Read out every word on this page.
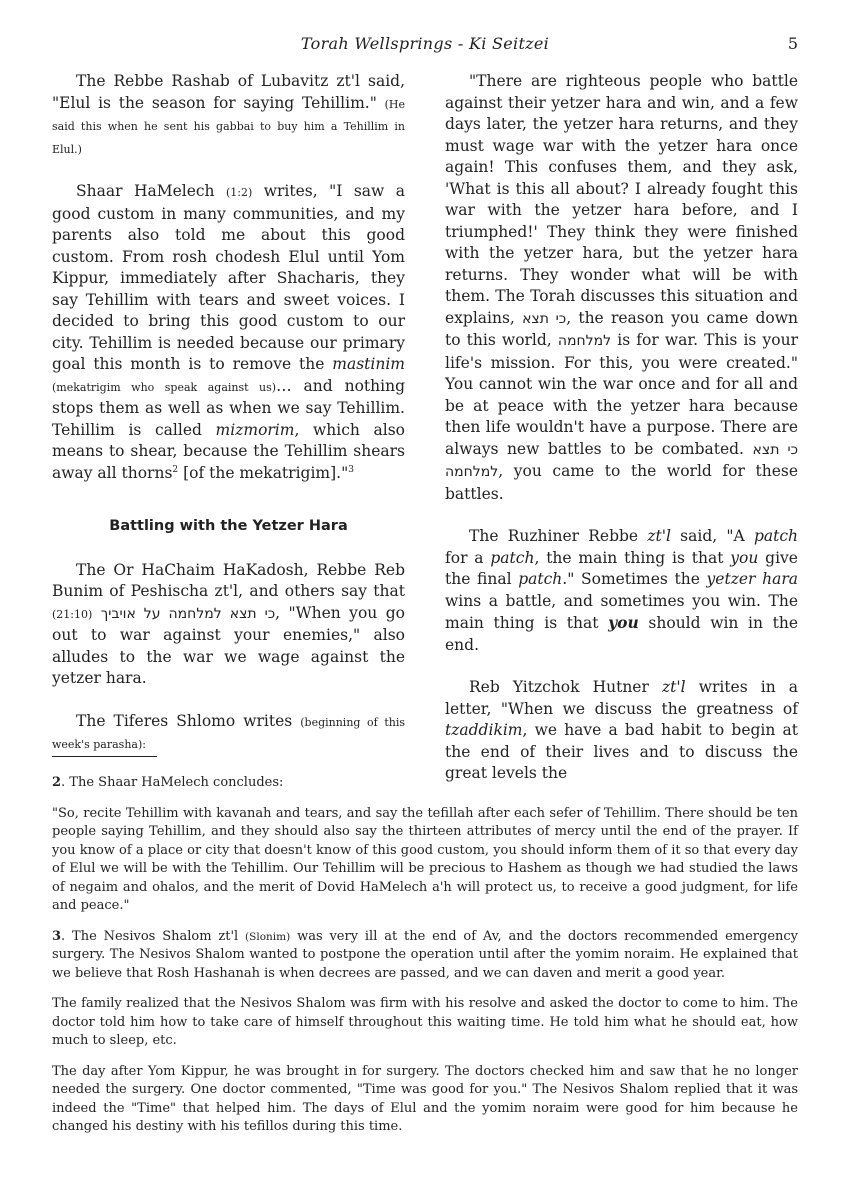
Torah Wellsprings - Ki Seitzei	5

The Rebbe Rashab of Lubavitz zt'l said, "Elul is the season for saying Tehillim." (He said this when he sent his gabbai to buy him a Tehillim in Elul.)

Shaar HaMelech (1:2) writes, "I saw a good custom in many communities, and my parents also told me about this good custom. From rosh chodesh Elul until Yom Kippur, immediately after Shacharis, they say Tehillim with tears and sweet voices. I decided to bring this good custom to our city. Tehillim is needed because our primary goal this month is to remove the mastinim (mekatrigim who speak against us)… and nothing stops them as well as when we say Tehillim. Tehillim is called mizmorim, which also means to shear, because the Tehillim shears away all thorns$^2$ [of the mekatrigim]."$^3$

Battling with the Yetzer Hara

The Or HaChaim HaKadosh, Rebbe Reb Bunim of Peshischa zt'l, and others say that (21:10) כי תצא למלחמה על אויביך, "When you go out to war against your enemies," also alludes to the war we wage against the yetzer hara.

The Tiferes Shlomo writes (beginning of this week's parasha):

"There are righteous people who battle against their yetzer hara and win, and a few days later, the yetzer hara returns, and they must wage war with the yetzer hara once again! This confuses them, and they ask, 'What is this all about? I already fought this war with the yetzer hara before, and I triumphed!' They think they were finished with the yetzer hara, but the yetzer hara returns. They wonder what will be with them. The Torah discusses this situation and explains, כי תצא, the reason you came down to this world, למלחמה is for war. This is your life's mission. For this, you were created." You cannot win the war once and for all and be at peace with the yetzer hara because then life wouldn't have a purpose. There are always new battles to be combated. כי תצא למלחמה, you came to the world for these battles.

The Ruzhiner Rebbe zt'l said, "A patch for a patch, the main thing is that you give the final patch." Sometimes the yetzer hara wins a battle, and sometimes you win. The main thing is that you should win in the end.

Reb Yitzchok Hutner zt'l writes in a letter, "When we discuss the greatness of tzaddikim, we have a bad habit to begin at the end of their lives and to discuss the great levels the

2. The Shaar HaMelech concludes:

"So, recite Tehillim with kavanah and tears, and say the tefillah after each sefer of Tehillim. There should be ten people saying Tehillim, and they should also say the thirteen attributes of mercy until the end of the prayer. If you know of a place or city that doesn't know of this good custom, you should inform them of it so that every day of Elul we will be with the Tehillim. Our Tehillim will be precious to Hashem as though we had studied the laws of negaim and ohalos, and the merit of Dovid HaMelech a'h will protect us, to receive a good judgment, for life and peace."

3. The Nesivos Shalom zt'l (Slonim) was very ill at the end of Av, and the doctors recommended emergency surgery. The Nesivos Shalom wanted to postpone the operation until after the yomim noraim. He explained that we believe that Rosh Hashanah is when decrees are passed, and we can daven and merit a good year.

The family realized that the Nesivos Shalom was firm with his resolve and asked the doctor to come to him. The doctor told him how to take care of himself throughout this waiting time. He told him what he should eat, how much to sleep, etc.

The day after Yom Kippur, he was brought in for surgery. The doctors checked him and saw that he no longer needed the surgery. One doctor commented, "Time was good for you." The Nesivos Shalom replied that it was indeed the "Time" that helped him. The days of Elul and the yomim noraim were good for him because he changed his destiny with his tefillos during this time.
